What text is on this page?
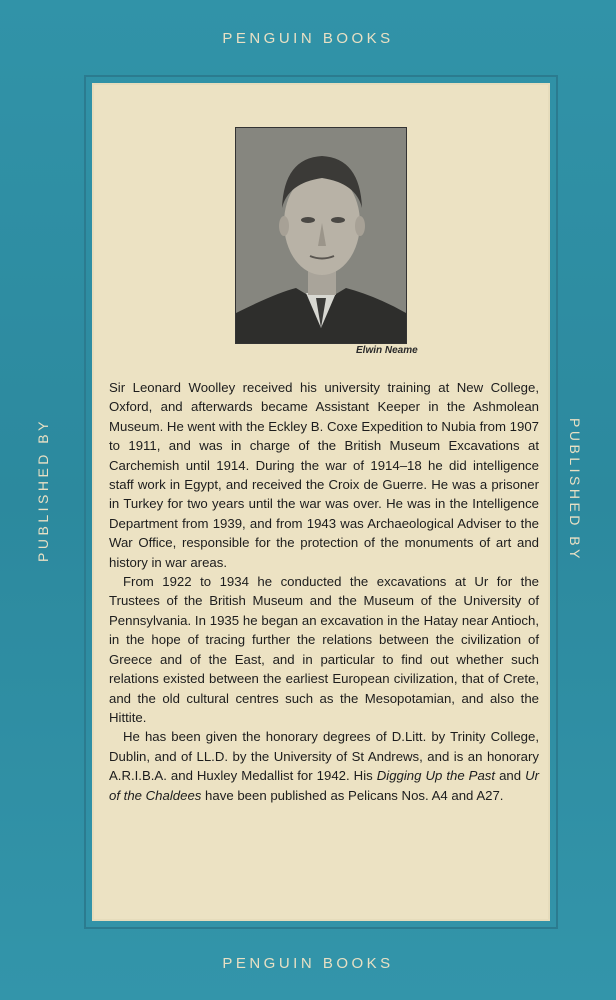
PENGUIN BOOKS
PUBLISHED BY	PUBLISHED BY
Elwin Neame

Sir Leonard Woolley received his university training at New College, Oxford, and afterwards became Assistant Keeper in the Ashmolean Museum. He went with the Eckley B. Coxe Expedition to Nubia from 1907 to 1911, and was in charge of the British Museum Excavations at Carchemish until 1914. During the war of 1914–18 he did intelligence staff work in Egypt, and received the Croix de Guerre. He was a prisoner in Turkey for two years until the war was over. He was in the Intelligence Department from 1939, and from 1943 was Archaeological Adviser to the War Office, responsible for the protection of the monuments of art and history in war areas.

From 1922 to 1934 he conducted the excavations at Ur for the Trustees of the British Museum and the Museum of the University of Pennsylvania. In 1935 he began an excavation in the Hatay near Antioch, in the hope of tracing further the relations between the civilization of Greece and of the East, and in particular to find out whether such relations existed between the earliest European civilization, that of Crete, and the old cultural centres such as the Mesopotamian, and also the Hittite.

He has been given the honorary degrees of D.Litt. by Trinity College, Dublin, and of LL.D. by the University of St Andrews, and is an honorary A.R.I.B.A. and Huxley Medallist for 1942. His Digging Up the Past and Ur of the Chaldees have been published as Pelicans Nos. A4 and A27.

PENGUIN BOOKS
